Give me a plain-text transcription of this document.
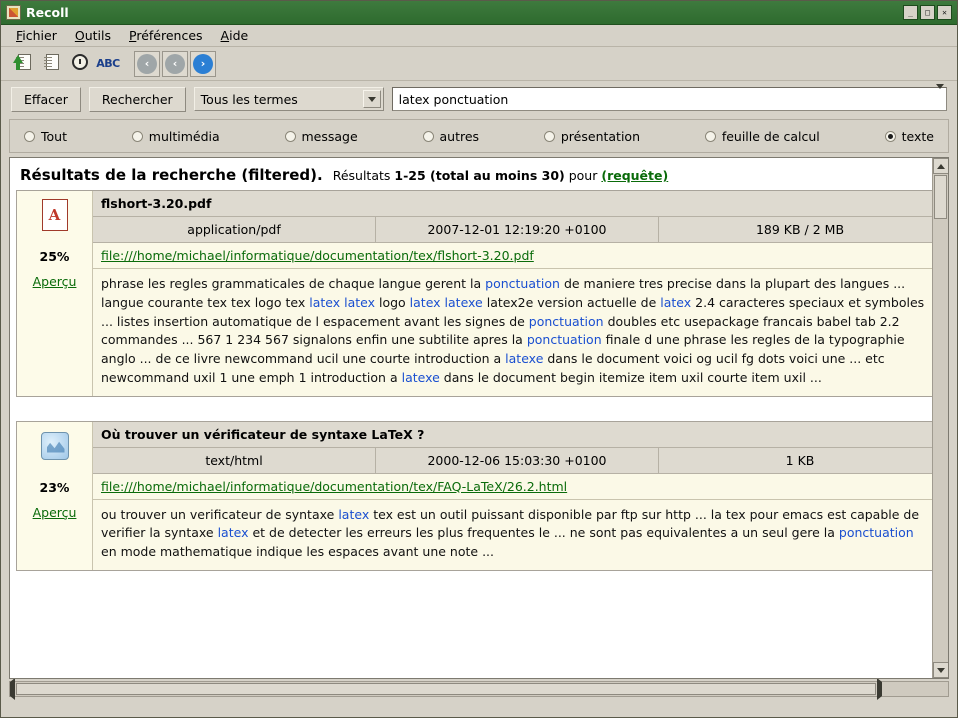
Recoll	_	□	✕
Fichier	Outils	Préférences	Aide
ABC	‹	‹	›
Effacer	Rechercher	Tous les termes	latex ponctuation
Tout	multimédia	message	autres	présentation	feuille de calcul	texte
Résultats de la recherche (filtered). Résultats 1-25 (total au moins 30) pour (requête)
A
25%
Aperçu
flshort-3.20.pdf
application/pdf	2007-12-01 12:19:20 +0100	189 KB / 2 MB
file:///home/michael/informatique/documentation/tex/flshort-3.20.pdf
phrase les regles grammaticales de chaque langue gerent la ponctuation de maniere tres precise dans la plupart des langues ... langue courante tex tex logo tex latex latex logo latex latexe latex2e version actuelle de latex 2.4 caracteres speciaux et symboles ... listes insertion automatique de l espacement avant les signes de ponctuation doubles etc usepackage francais babel tab 2.2 commandes ... 567 1 234 567 signalons enfin une subtilite apres la ponctuation finale d une phrase les regles de la typographie anglo ... de ce livre newcommand ucil une courte introduction a latexe dans le document voici og ucil fg dots voici une ... etc newcommand uxil 1 une emph 1 introduction a latexe dans le document begin itemize item uxil courte item uxil ...
23%
Aperçu
Où trouver un vérificateur de syntaxe LaTeX ?
text/html	2000-12-06 15:03:30 +0100	1 KB
file:///home/michael/informatique/documentation/tex/FAQ-LaTeX/26.2.html
ou trouver un verificateur de syntaxe latex tex est un outil puissant disponible par ftp sur http ... la tex pour emacs est capable de verifier la syntaxe latex et de detecter les erreurs les plus frequentes le ... ne sont pas equivalentes a un seul gere la ponctuation en mode mathematique indique les espaces avant une note ...
